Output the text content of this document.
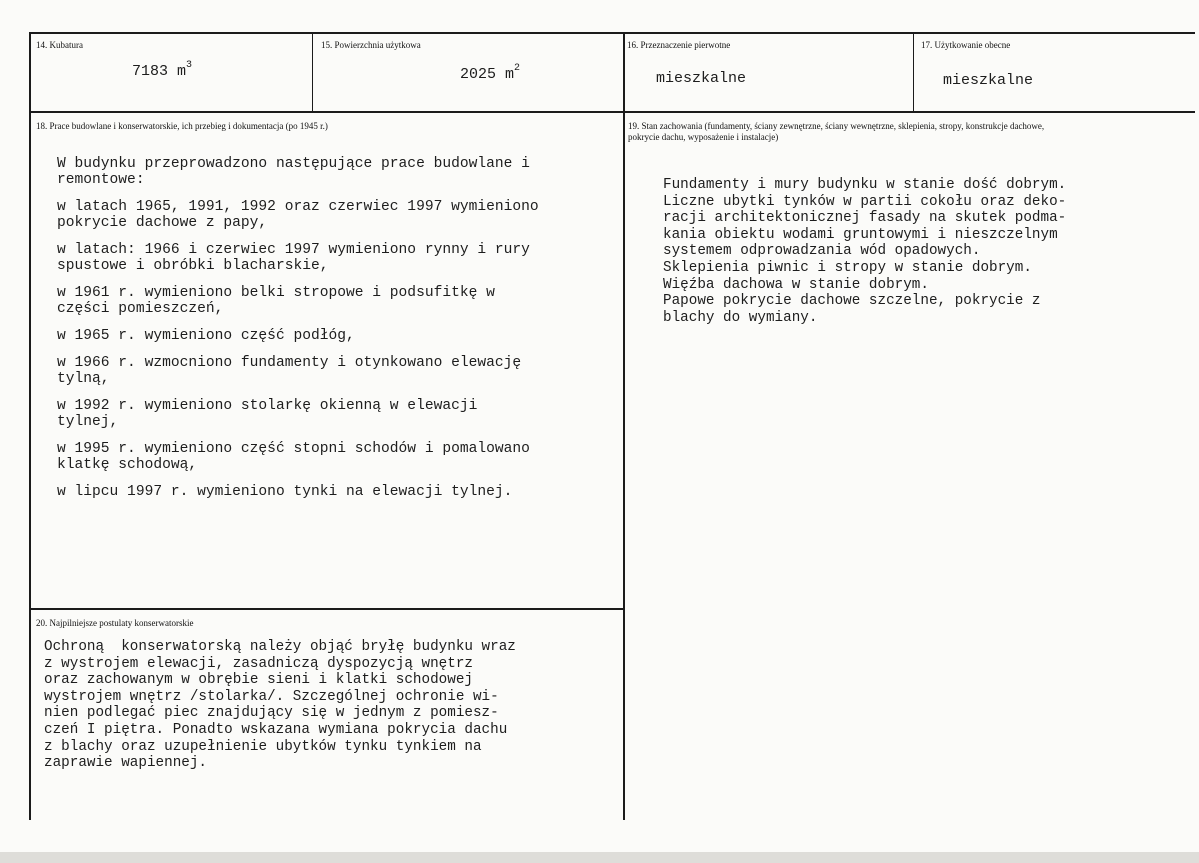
14. Kubatura
7183 $m^3$
15. Powierzchnia użytkowa
2025 $m^2$
16. Przeznaczenie pierwotne
mieszkalne
17. Użytkowanie obecne
mieszkalne
18. Prace budowlane i konserwatorskie, ich przebieg i dokumentacja (po 1945 r.)

W budynku przeprowadzono następujące prace budowlane i
remontowe:

w latach 1965, 1991, 1992 oraz czerwiec 1997 wymieniono
pokrycie dachowe z papy,

w latach: 1966 i czerwiec 1997 wymieniono rynny i rury
spustowe i obróbki blacharskie,

w 1961 r. wymieniono belki stropowe i podsufitkę w
części pomieszczeń,

w 1965 r. wymieniono część podłóg,

w 1966 r. wzmocniono fundamenty i otynkowano elewację
tylną,

w 1992 r. wymieniono stolarkę okienną w elewacji
tylnej,

w 1995 r. wymieniono część stopni schodów i pomalowano
klatkę schodową,

w lipcu 1997 r. wymieniono tynki na elewacji tylnej.

19. Stan zachowania (fundamenty, ściany zewnętrzne, ściany wewnętrzne, sklepienia, stropy, konstrukcje dachowe,
pokrycie dachu, wyposażenie i instalacje)

Fundamenty i mury budynku w stanie dość dobrym.
Liczne ubytki tynków w partii cokołu oraz deko-
racji architektonicznej fasady na skutek podma-
kania obiektu wodami gruntowymi i nieszczelnym
systemem odprowadzania wód opadowych.
Sklepienia piwnic i stropy w stanie dobrym.
Więźba dachowa w stanie dobrym.
Papowe pokrycie dachowe szczelne, pokrycie z
blachy do wymiany.

20. Najpilniejsze postulaty konserwatorskie

Ochroną  konserwatorską należy objąć bryłę budynku wraz
z wystrojem elewacji, zasadniczą dyspozycją wnętrz
oraz zachowanym w obrębie sieni i klatki schodowej
wystrojem wnętrz /stolarka/. Szczególnej ochronie wi-
nien podlegać piec znajdujący się w jednym z pomiesz-
czeń I piętra. Ponadto wskazana wymiana pokrycia dachu
z blachy oraz uzupełnienie ubytków tynku tynkiem na
zaprawie wapiennej.
